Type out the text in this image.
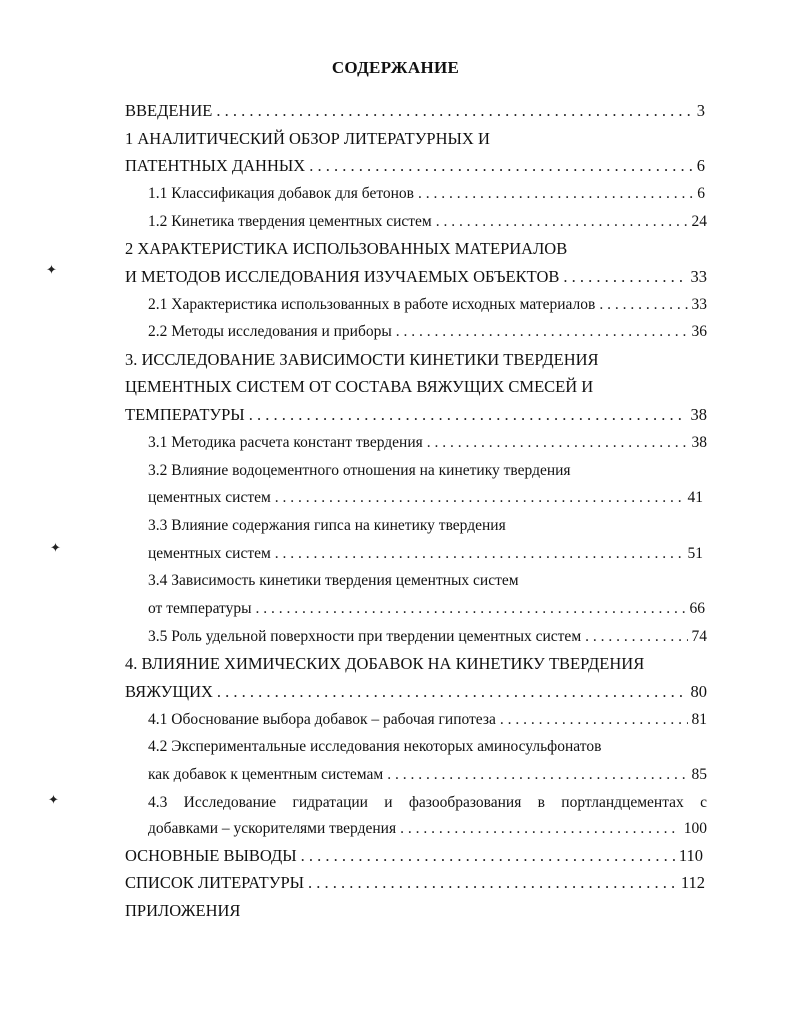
СОДЕРЖАНИЕ
✦
✦
✦
ВВЕДЕНИЕ . . .	3
1 АНАЛИТИЧЕСКИЙ ОБЗОР ЛИТЕРАТУРНЫХ И
ПАТЕНТНЫХ ДАННЫХ . . .	6
1.1 Классификация добавок для бетонов . . .	6
1.2 Кинетика твердения цементных систем . . .	24
2 ХАРАКТЕРИСТИКА ИСПОЛЬЗОВАННЫХ МАТЕРИАЛОВ
И МЕТОДОВ ИССЛЕДОВАНИЯ ИЗУЧАЕМЫХ ОБЪЕКТОВ . . .	33
2.1 Характеристика использованных в работе исходных материалов . . .	33
2.2 Методы исследования и приборы . . .	36
3. ИССЛЕДОВАНИЕ ЗАВИСИМОСТИ КИНЕТИКИ ТВЕРДЕНИЯ
ЦЕМЕНТНЫХ СИСТЕМ ОТ СОСТАВА ВЯЖУЩИХ СМЕСЕЙ И
ТЕМПЕРАТУРЫ . . .	38
3.1 Методика расчета констант твердения . . .	38
3.2 Влияние водоцементного отношения на кинетику твердения
цементных систем . . .	41
3.3 Влияние содержания гипса на кинетику твердения
цементных систем . . .	51
3.4 Зависимость кинетики твердения цементных систем
от температуры . . .	66
3.5 Роль удельной поверхности при твердении цементных систем . . .	74
4. ВЛИЯНИЕ ХИМИЧЕСКИХ ДОБАВОК НА КИНЕТИКУ ТВЕРДЕНИЯ
ВЯЖУЩИХ . . .	80
4.1 Обоснование выбора добавок – рабочая гипотеза . . .	81
4.2 Экспериментальные исследования некоторых аминосульфонатов
как добавок к цементным системам . . .	85
4.3 Исследование гидратации и фазообразования в портландцементах с
добавками – ускорителями твердения . . .	100
ОСНОВНЫЕ ВЫВОДЫ . . .	110
СПИСОК ЛИТЕРАТУРЫ . . .	112
ПРИЛОЖЕНИЯ
